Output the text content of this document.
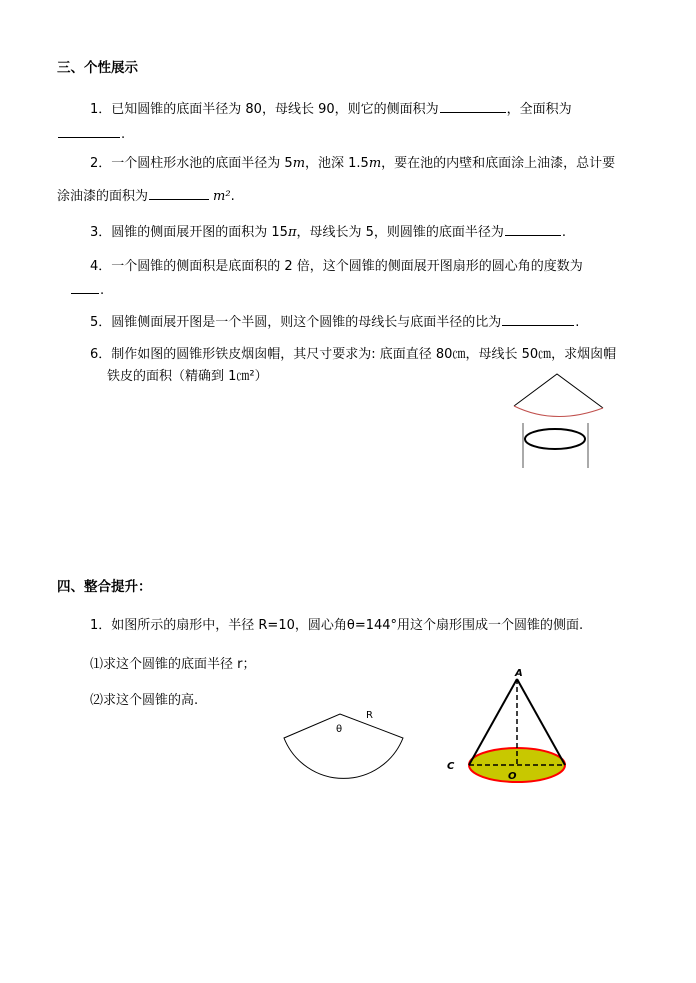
三、个性展示
1．已知圆锥的底面半径为 80，母线长 90，则它的侧面积为	，全面积为
.
2．一个圆柱形水池的底面半径为 5m，池深 1.5m，要在池的内壁和底面涂上油漆，总计要
涂油漆的面积为	m².
3．圆锥的侧面展开图的面积为 15π，母线长为 5，则圆锥的底面半径为	.
4．一个圆锥的侧面积是底面积的 2 倍，这个圆锥的侧面展开图扇形的圆心角的度数为
.
5．圆锥侧面展开图是一个半圆，则这个圆锥的母线长与底面半径的比为	.
6．制作如图的圆锥形铁皮烟囱帽，其尺寸要求为: 底面直径 80㎝，母线长 50㎝，求烟囱帽
铁皮的面积（精确到 1㎝²）
四、整合提升：
1．如图所示的扇形中，半径 R=10，圆心角θ=144°用这个扇形围成一个圆锥的侧面.
⑴求这个圆锥的底面半径 r；
⑵求这个圆锥的高.
R
θ
A
C
O
